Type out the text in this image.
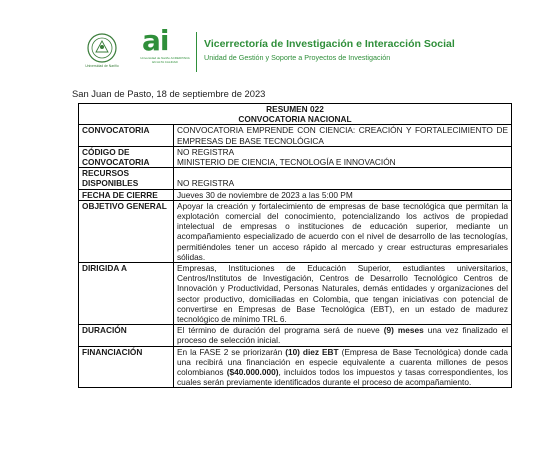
Universidad de Nariño
ai
Universidad de Nariño ACREDITADA EN ALTA CALIDAD
Vicerrectoría de Investigación e Interacción Social
Unidad de Gestión y Soporte a Proyectos de Investigación
San Juan de Pasto, 18 de septiembre de 2023
RESUMEN 022
CONVOCATORIA NACIONAL	

CONVOCATORIA	CONVOCATORIA EMPRENDE CON CIENCIA: CREACIÓN Y FORTALECIMIENTO DE EMPRESAS DE BASE TECNOLÓGICA
CÓDIGO DE CONVOCATORIA	NO REGISTRA
MINISTERIO DE CIENCIA, TECNOLOGÍA E INNOVACIÓN

RECURSOS DISPONIBLES	NO REGISTRA
FECHA DE CIERRE	Jueves 30 de noviembre de 2023 a las 5:00 PM
OBJETIVO GENERAL	Apoyar la creación y fortalecimiento de empresas de base tecnológica que permitan la explotación comercial del conocimiento, potencializando los activos de propiedad intelectual de empresas o instituciones de educación superior, mediante un acompañamiento especializado de acuerdo con el nivel de desarrollo de las tecnologías, permitiéndoles tener un acceso rápido al mercado y crear estructuras empresariales sólidas.
DIRIGIDA A	Empresas, Instituciones de Educación Superior, estudiantes universitarios, Centros/Institutos de Investigación, Centros de Desarrollo Tecnológico Centros de Innovación y Productividad, Personas Naturales, demás entidades y organizaciones del sector productivo, domiciliadas en Colombia, que tengan iniciativas con potencial de convertirse en Empresas de Base Tecnológica (EBT), en un estado de madurez tecnológico de mínimo TRL 6.
DURACIÓN	El término de duración del programa será de nueve (9) meses una vez finalizado el proceso de selección inicial.
FINANCIACIÓN	En la FASE 2 se priorizarán (10) diez EBT (Empresa de Base Tecnológica) donde cada una recibirá una financiación en especie equivalente a cuarenta millones de pesos colombianos ($40.000.000), incluidos todos los impuestos y tasas correspondientes, los cuales serán previamente identificados durante el proceso de acompañamiento.
